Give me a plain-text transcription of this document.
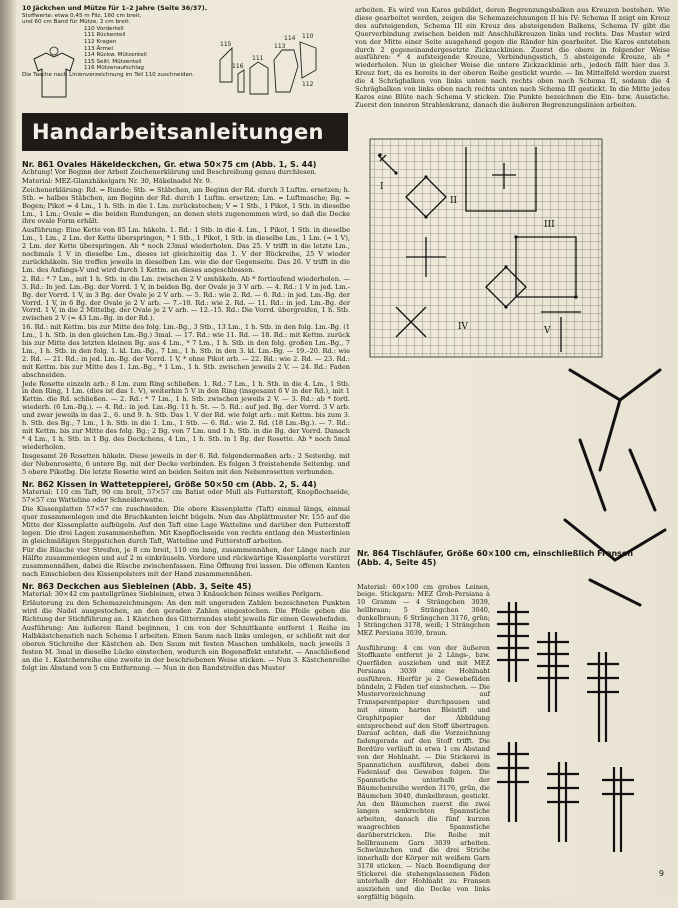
10 Jäckchen und Mütze für 1–2 Jahre (Seite 36/37).
Stoffwerte: etwa 0,45 m Filz, 160 cm breit,
und 60 cm Band für Mütze, 2 cm breit.
110 Vorderteil
111 Rückenteil
112 Kragen
113 Ärmel
114 Rückw. Mützenteil
115 Seitl. Mützenteil
116 Mützenaufschlag
Die Tasche nach Linienverzeichnung im Teil 110 zuschneiden.
115
116
111
113
114 110
112
Handarbeitsanleitungen
Nr. 861 Ovales Häkeldeckchen, Gr. etwa 50×75 cm (Abb. 1, S. 44)

Achtung! Vor Beginn der Arbeit Zeichenerklärung und Beschreibung genau durchlesen.

Material: MEZ-Glanzhäkelgarn Nr. 30, Häkelnadel Nr. 9.

Zeichenerklärung: Rd. = Runde; Stb. = Stäbchen, am Beginn der Rd. durch 3 Luftm. ersetzen; h. Stb. = halbes Stäbchen, am Beginn der Rd. durch 1 Luftm. ersetzen; Lm. = Luftmasche; Bg. = Bogen; Pikot = 4 Lm., 1 h. Stb. in die 1. Lm. zurückstechen; V = 1 Stb., 1 Pikot, 1 Stb. in dieselbe Lm., 1 Lm.; Ovale = die beiden Rundungen, an denen stets zugenommen wird, so daß die Decke ihre ovale Form erhält.

Ausführung: Eine Kette von 85 Lm. häkeln. 1. Rd.: 1 Stb. in die 4. Lm., 1 Pikot, 1 Stb. in dieselbe Lm., 1 Lm., 2 Lm. der Kette überspringen, * 1 Stb., 1 Pikot, 1 Stb. in dieselbe Lm., 1 Lm. (= 1 V), 2 Lm. der Kette überspringen. Ab * noch 23mal wiederholen. Das 25. V trifft in die letzte Lm., nochmals 1 V in dieselbe Lm., dieses ist gleichzeitig das 1. V der Rückreihe, 25 V wieder zurückhäkeln. Sie treffen jeweils in dieselben Lm. wie die der Gegenseite. Das 26. V trifft in die Lm. des Anfangs-V und wird durch 1 Kettm. an dieses angeschlossen.

2. Rd.: * 7 Lm., mit 1 h. Stb. in die Lm. zwischen 2 V umhäkeln. Ab * fortlaufend wiederholen. — 3. Rd.: In jed. Lm.-Bg. der Vorrd. 1 V, in beiden Bg. der Ovale je 3 V arb. — 4. Rd.: 1 V in jed. Lm.-Bg. der Vorrd. 1 V, in 3 Bg. der Ovale je 2 V arb. — 5. Rd.: wie 2. Rd. — 6. Rd.: in jed. Lm.-Bg. der Vorrd. 1 V, in 6 Bg. der Ovale je 2 V arb. — 7.–10. Rd.: wie 2. Rd. — 11. Rd.: in jed. Lm.-Bg. der Vorrd. 1 V, in die 2 Mittelbg. der Ovale je 2 V arb. — 12.–15. Rd.: Die Vorrd. übergreifen, 1 h. Stb. zwischen 2 V (= 43 Lm.-Bg. in der Rd.).

16. Rd.: mit Kettm. bis zur Mitte des folg. Lm.-Bg., 3 Stb., 13 Lm., 1 h. Stb. in den folg. Lm.-Bg. (1 Lm., 1 h. Stb. in den gleichen Lm.-Bg.) 3mal. — 17. Rd.: wie 11. Rd. — 18. Rd.: mit Kettm. zurück bis zur Mitte des letzten kleinen Bg. aus 4 Lm., * 7 Lm., 1 h. Stb. in den folg. großen Lm.-Bg., 7 Lm., 1 h. Stb. in den folg. 1. kl. Lm.-Bg., 7 Lm., 1 h. Stb. in den 3. kl. Lm.-Bg. — 19.–20. Rd.: wie 2. Rd. — 21. Rd.: in jed. Lm.-Bg. der Vorrd. 1 V, * ohne Pikot arb. — 22. Rd.: wie 2. Rd. — 23. Rd.: mit Kettm. bis zur Mitte des 1. Lm.-Bg., * 1 Lm., 1 h. Stb. zwischen jeweils 2 V. — 24. Rd.: Faden abschneiden.

Jede Rosette einzeln arb.: 8 Lm. zum Ring schließen. 1. Rd.: 7 Lm., 1 h. Stb. in die 4. Lm., 1 Stb. in den Ring, 1 Lm. (dies ist das 1. V), weiterhin 5 V in den Ring (insgesamt 6 V in der Rd.), mit 1 Kettm. die Rd. schließen. — 2. Rd.: * 7 Lm., 1 h. Stb. zwischen jeweils 2 V. — 3. Rd.: ab * fortl. wiederh. (6 Lm.-Bg.). — 4. Rd.: in jed. Lm.-Bg. 11 h. St. — 5. Rd.: auf jed. Bg. der Vorrd. 3 V arb. und zwar jeweils in das 2., 6. und 9. h. Stb. Das 1. V der Rd. wie folgt arb.: mit Kettm. bis zum 3. h. Stb. des Bg., 7 Lm., 1 h. Stb. in die 1. Lm., 1 Stb. — 6. Rd.: wie 2. Rd. (18 Lm.-Bg.). — 7. Rd.: mit Kettm. bis zur Mitte des folg. Bg.; 2 Bg. von 7 Lm. und 1 h. Stb. in die Bg. der Vorrd. Danach * 4 Lm., 1 h. Stb. in 1 Bg. des Deckchens, 4 Lm., 1 h. Stb. in 1 Bg. der Rosette. Ab * noch 5mal wiederholen.

Insgesamt 26 Rosetten häkeln. Diese jeweils in der 6. Rd. folgendermaßen arb.: 2 Seitenbg. mit der Nebenrosette, 6 untere Bg. mit der Decke verbinden. Es folgen 3 freistehende Seitenbg. und 5 obere Pikotbg. Die letzte Rosette wird an beiden Seiten mit den Nebenrosetten verbunden.

Nr. 862 Kissen in Watteteppierei, Größe 50×50 cm (Abb. 2, S. 44)

Material: 110 cm Taft, 90 cm breit, 57×57 cm Batist oder Mull als Futterstoff, Knopflochseide, 57×57 cm Watteline oder Schneiderwatte.

Die Kissenplatten 57×57 cm zuschneiden. Die obere Kissenplatte (Taft) einmal längs, einmal quer zusammenlegen und die Bruchkanten leicht bügeln. Nun das Abplättmuster Nr. 155 auf die Mitte der Kissenplatte aufbügeln. Auf den Taft eine Lage Watteline und darüber den Futterstoff legen. Die drei Lagen zusammenheften. Mit Knopflochseide von rechts entlang den Musterlinien in gleichmäßigen Steppstichen durch Taft, Watteline und Futterstoff arbeiten.

Für die Rüsche vier Streifen, je 8 cm breit, 110 cm lang, zusammennähen, der Länge nach zur Hälfte zusammenlegen und auf 2 m einkräuseln. Vordere und rückwärtige Kissenplatte verstürzt zusammennähen, dabei die Rüsche zwischenfassen. Eine Öffnung frei lassen. Die offenen Kanten nach Einschieben des Kissenpolsters mit der Hand zusammennähen.

Nr. 863 Deckchen aus Siebleinen (Abb. 3, Seite 45)

Material: 30×42 cm pastellgrünes Siebleinen, etwa 3 Knäuelchen feines weißes Perlgarn.

Erläuterung zu den Schemazeichnungen: An den mit ungeraden Zahlen bezeichneten Punkten wird die Nadel ausgestochen, an den geraden Zahlen eingestochen. Die Pfeile geben die Richtung der Stichführung an. 1 Kästchen des Gitterrandes steht jeweils für einen Gewebefaden.

Ausführung: Am äußeren Rand beginnen, 1 cm von der Schnittkante entfernt 1 Reihe im Halbkästchenstich nach Schema I arbeiten. Einen Saum nach links umlegen, er schließt mit der oberen Stichreihe der Kästchen ab. Den Saum mit festen Maschen umhäkeln, nach jeweils 3 festen M. 3mal in dieselbe Lücke einstechen, wodurch ein Bogeneffekt entsteht. — Anschließend an die 1. Kästchenreihe eine zweite in der beschriebenen Weise sticken. — Nun 3. Kästchenreihe folgt im Abstand von 5 cm Entfernung. — Nun in den Randstreifen das Muster

arbeiten. Es wird von Karos gebildet, deren Begrenzungsbalken aus Kreuzen bestehen. Wie diese gearbeitet werden, zeigen die Schemazeichnungen II bis IV: Schema II zeigt ein Kreuz des aufsteigenden, Schema III ein Kreuz des absteigenden Balkens, Schema IV gibt die Querverbindung zwischen beiden mit Anschlußkreuzen links und rechts. Das Muster wird von der Mitte einer Seite ausgehend gegen die Ränder hin gearbeitet. Die Karos entstehen durch 2 gegeneinandergesetzte Zickzacklinien. Zuerst die obere in folgender Weise ausführen: * 4 aufsteigende Kreuze, Verbindungsstich, 5 absteigende Kreuze, ab * wiederholen. Nun in gleicher Weise die untere Zickzacklinie arb., jedoch fällt hier das 3. Kreuz fort, da es bereits in der oberen Reihe gestickt wurde. — Im Mittelfeld werden zuerst die 4 Schrägbalken von links unten nach rechts oben nach Schema II, sodann die 4 Schrägbalken von links oben nach rechts unten nach Schema III gestickt. In die Mitte jedes Karos eine Blüte nach Schema V sticken. Die Punkte bezeichnen die Ein- bzw. Ausstiche. Zuerst den inneren Strahlenkranz, danach die äußeren Begrenzungslinien arbeiten.

I
II
III
IV	V
Nr. 864 Tischläufer, Größe 60×100 cm, einschließlich Fransen (Abb. 4, Seite 45)

Material: 60×100 cm grobes Leinen, beige. Stickgarn: MEZ Grob-Persiana à 10 Gramm — 4 Strängchen 3039, hellbraun; 5 Strängchen 3040, dunkelbraun; 6 Strängchen 3176, grün; 1 Strängchen 3178, weiß; 1 Strängchen MEZ Persiana 3039, braun.

Ausführung: 4 cm von der äußeren Stoffkante entfernt je 2 Längs-, bzw. Querfäden ausziehen und mit MEZ Persiana 3039 eine Hohlnaht ausführen. Hierfür je 2 Gewebefäden bündeln, 2 Fäden tief einstechen. — Die Mustervorzeichnung auf Transparentpapier durchpausen und mit einem harten Bleistift und Graphitpapier der Abbildung entsprechend auf den Stoff übertragen. Darauf achten, daß die Vorzeichnung fadengerade auf den Stoff trifft. Die Bordüre verläuft in etwa 1 cm Abstand von der Hohlnaht. — Die Stickerei in Spannstichen ausführen, dabei dem Fadenlauf des Gewebes folgen. Die Spannstiche unterhalb der Bäumchenreihe werden 3176, grün, die Bäumchen 3040, dunkelbraun, gestickt. An den Bäumchen zuerst die zwei langen senkrechten Spannstiche arbeiten, danach die fünf kurzen waagrechten Spannstiche darüberstricken. Die Reihe mit hellbraunem Garn 3039 arbeiten. Schwünzchen und die drei Striche innerhalb der Körper mit weißem Garn 3178 sticken. — Nach Beendigung der Stickerei die stehengelassenen Fäden unterhalb der Hohlnaht zu Fransen ausziehen und die Decke von links sorgfältig bügeln.

9
